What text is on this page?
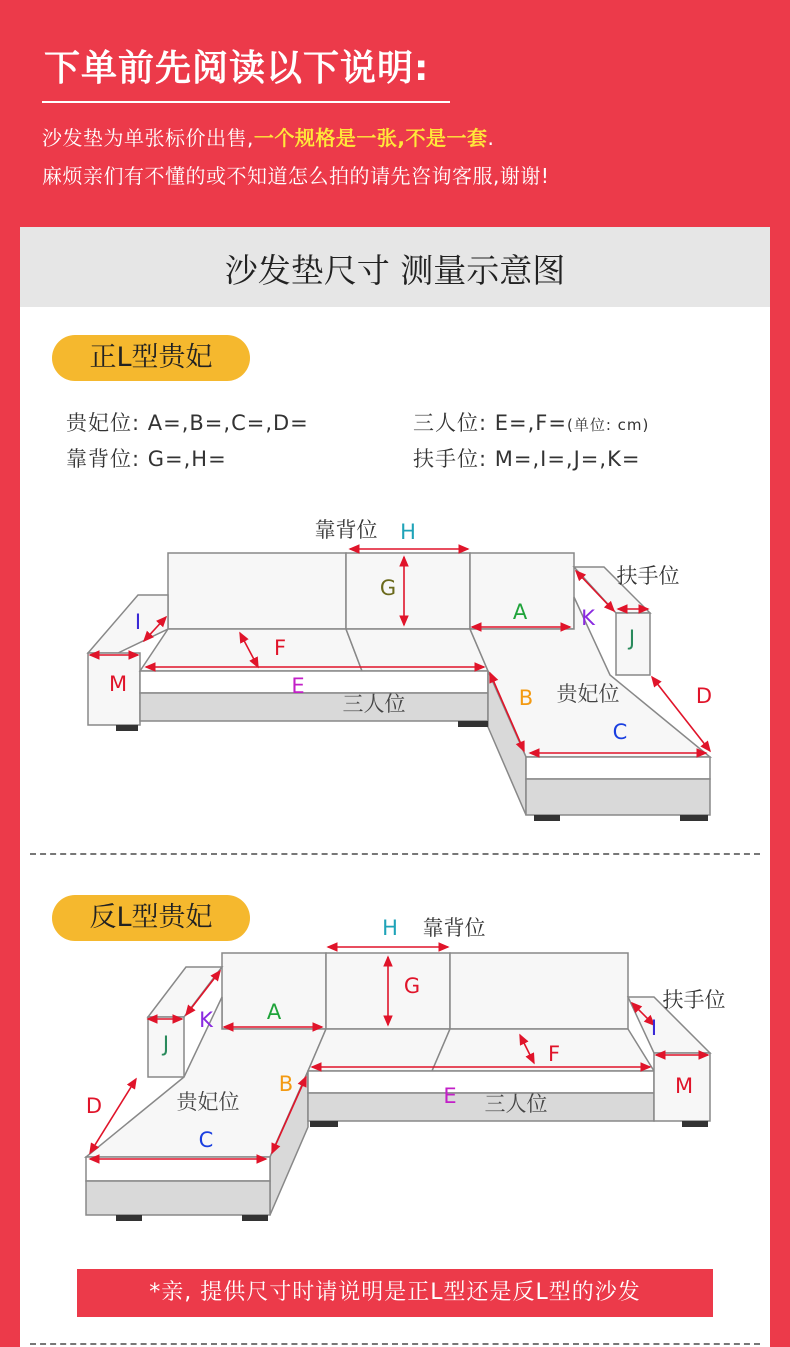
下单前先阅读以下说明:
沙发垫为单张标价出售,一个规格是一张,不是一套.
麻烦亲们有不懂的或不知道怎么拍的请先咨询客服,谢谢!
沙发垫尺寸 测量示意图
正L型贵妃
贵妃位: A=,B=,C=,D=	三人位: E=,F=(单位: cm)
靠背位: G=,H=	扶手位: M=,I=,J=,K=
靠背位 H
G
A
F
E
三人位	B 贵妃位
C
D
I
M
K
J
扶手位
反L型贵妃	H 靠背位
G
A
F
E 三人位
B
贵妃位
C
D
K
J
I
M
扶手位
*亲, 提供尺寸时请说明是正L型还是反L型的沙发
